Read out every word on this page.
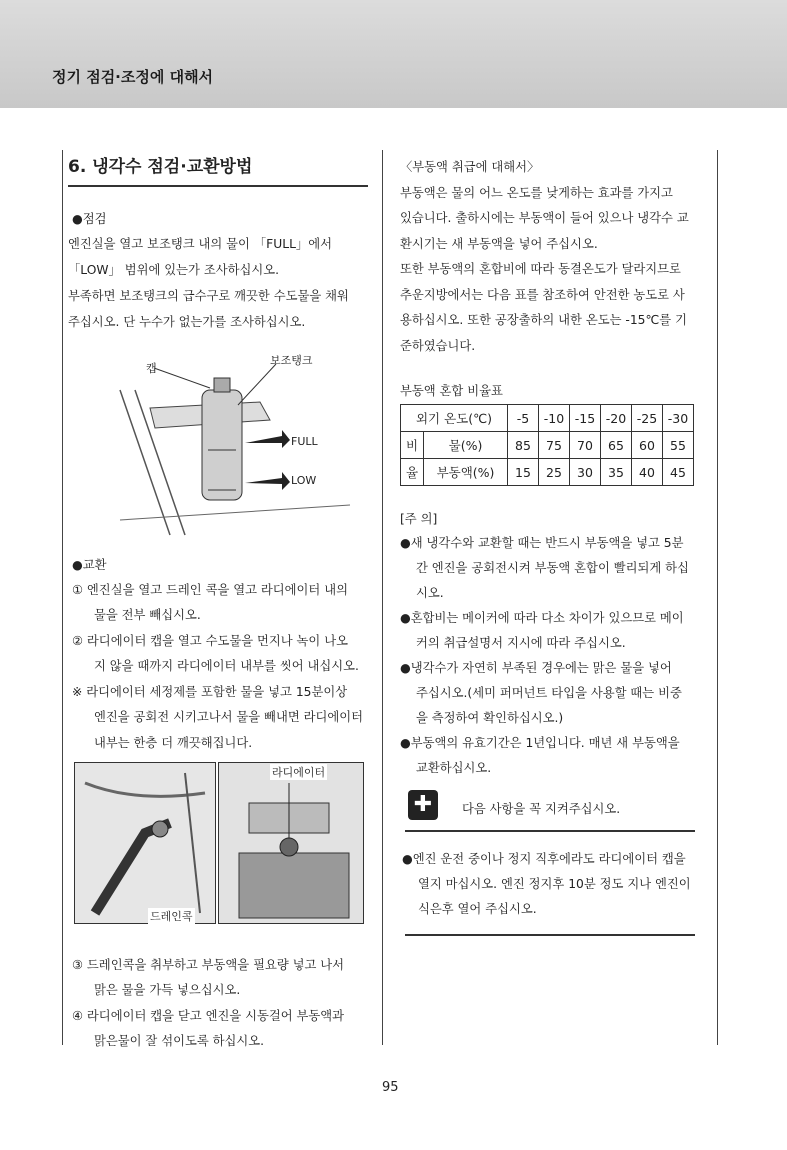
정기 점검·조정에 대해서
6. 냉각수 점검·교환방법
●점검
엔진실을 열고 보조탱크 내의 물이 「FULL」에서
「LOW」 범위에 있는가 조사하십시오.
부족하면 보조탱크의 급수구로 깨끗한 수도물을 채워
주십시오. 단 누수가 없는가를 조사하십시오.
캡
보조탱크
FULL
LOW
●교환
① 엔진실을 열고 드레인 콕을 열고 라디에이터 내의
물을 전부 빼십시오.
② 라디에이터 캡을 열고 수도물을 먼지나 녹이 나오
지 않을 때까지 라디에이터 내부를 씻어 내십시오.
※ 라디에이터 세정제를 포함한 물을 넣고 15분이상
엔진을 공회전 시키고나서 물을 빼내면 라디에이터
내부는 한층 더 깨끗해집니다.
라디에이터
드레인콕
③ 드레인콕을 취부하고 부동액을 필요량 넣고 나서
맑은 물을 가득 넣으십시오.
④ 라디에이터 캡을 닫고 엔진을 시동걸어 부동액과
맑은물이 잘 섞이도록 하십시오.
〈부동액 취급에 대해서〉
부동액은 물의 어느 온도를 낮게하는 효과를 가지고
있습니다. 출하시에는 부동액이 들어 있으나 냉각수 교
환시기는 새 부동액을 넣어 주십시오.
또한 부동액의 혼합비에 따라 동결온도가 달라지므로
추운지방에서는 다음 표를 참조하여 안전한 농도로 사
용하십시오. 또한 공장출하의 내한 온도는 -15℃를 기
준하였습니다.
부동액 혼합 비율표
외기 온도(℃)		-5	-10	-15	-20	-25	-30
비	물(%)	85	75	70	65	60	55
율	부동액(%)	15	25	30	35	40	45
[주 의]
●새 냉각수와 교환할 때는 반드시 부동액을 넣고 5분
간 엔진을 공회전시켜 부동액 혼합이 빨리되게 하십
시오.
●혼합비는 메이커에 따라 다소 차이가 있으므로 메이
커의 취급설명서 지시에 따라 주십시오.
●냉각수가 자연히 부족된 경우에는 맑은 물을 넣어
주십시오.(세미 퍼머넌트 타입을 사용할 때는 비중
을 측정하여 확인하십시오.)
●부동액의 유효기간은 1년입니다. 매년 새 부동액을
교환하십시오.
✚	다음 사항을 꼭 지켜주십시오.
●엔진 운전 중이나 정지 직후에라도 라디에이터 캡을
열지 마십시오. 엔진 정지후 10분 정도 지나 엔진이
식은후 열어 주십시오.
95
